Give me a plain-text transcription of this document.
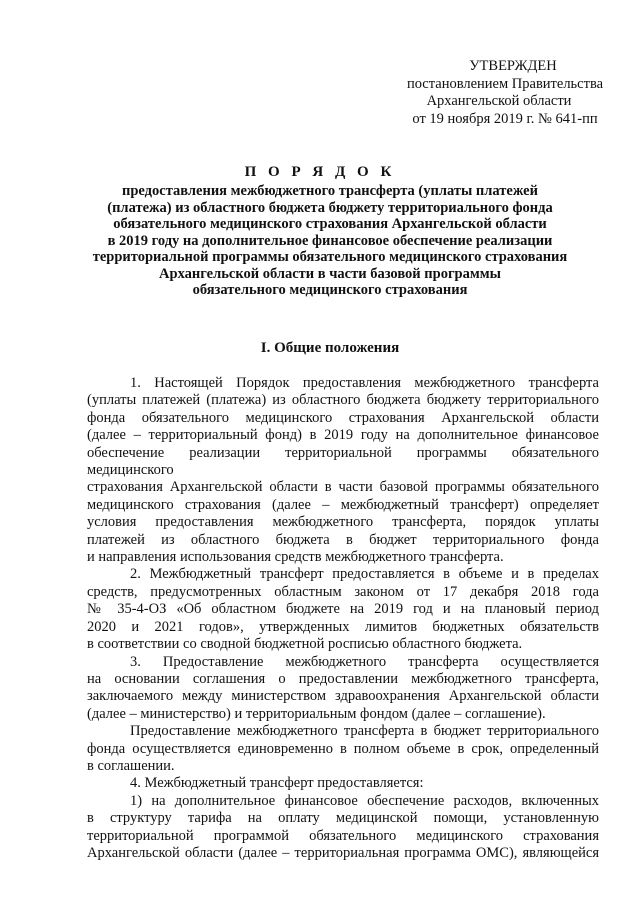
УТВЕРЖДЕН
постановлением Правительства
Архангельской области
от 19 ноября 2019 г. № 641-пп
П О Р Я Д О К
предоставления межбюджетного трансферта (уплаты платежей
(платежа) из областного бюджета бюджету территориального фонда
обязательного медицинского страхования Архангельской области
в 2019 году на дополнительное финансовое обеспечение реализации
территориальной программы обязательного медицинского страхования
Архангельской области в части базовой программы
обязательного медицинского страхования
I. Общие положения

1. Настоящей Порядок предоставления межбюджетного трансферта

(уплаты платежей (платежа) из областного бюджета бюджету территориального

фонда обязательного медицинского страхования Архангельской области

(далее – территориальный фонд) в 2019 году на дополнительное финансовое

обеспечение реализации территориальной программы обязательного медицинского

страхования Архангельской области в части базовой программы обязательного

медицинского страхования (далее – межбюджетный трансферт) определяет

условия предоставления межбюджетного трансферта, порядок уплаты

платежей из областного бюджета в бюджет территориального фонда

и направления использования средств межбюджетного трансферта.

2. Межбюджетный трансферт предоставляется в объеме и в пределах

средств, предусмотренных областным законом от 17 декабря 2018 года

№ 35-4-ОЗ «Об областном бюджете на 2019 год и на плановый период

2020 и 2021 годов», утвержденных лимитов бюджетных обязательств

в соответствии со сводной бюджетной росписью областного бюджета.

3. Предоставление межбюджетного трансферта осуществляется

на основании соглашения о предоставлении межбюджетного трансферта,

заключаемого между министерством здравоохранения Архангельской области

(далее – министерство) и территориальным фондом (далее – соглашение).

Предоставление межбюджетного трансферта в бюджет территориального

фонда осуществляется единовременно в полном объеме в срок, определенный

в соглашении.

4. Межбюджетный трансферт предоставляется:

1) на дополнительное финансовое обеспечение расходов, включенных

в структуру тарифа на оплату медицинской помощи, установленную

территориальной программой обязательного медицинского страхования

Архангельской области (далее – территориальная программа ОМС), являющейся
